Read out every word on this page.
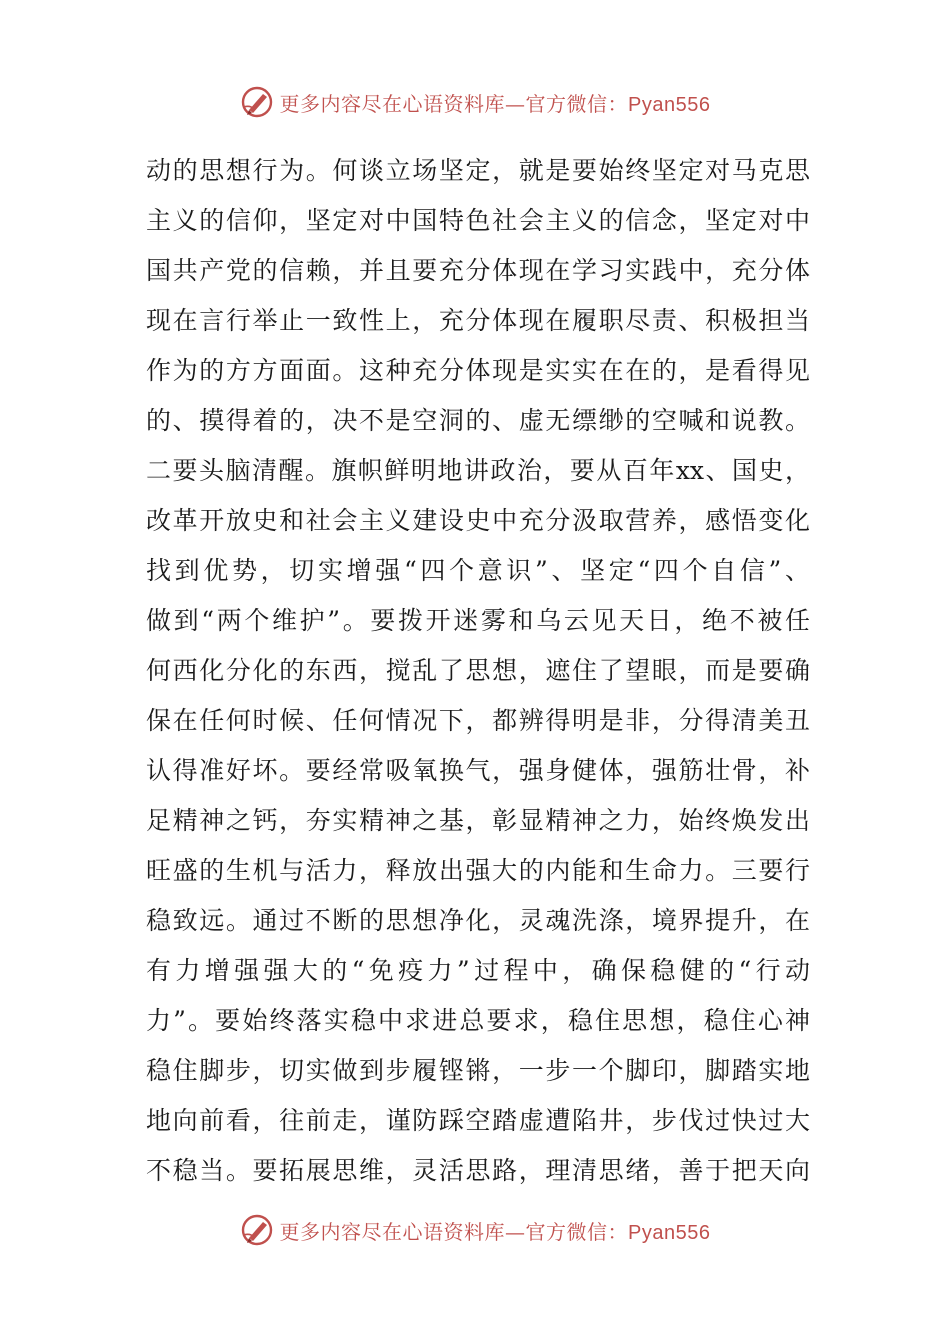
更多内容尽在心语资料库—官方微信：Pyan556
动的思想行为。何谈立场坚定，就是要始终坚定对马克思
主义的信仰，坚定对中国特色社会主义的信念，坚定对中
国共产党的信赖，并且要充分体现在学习实践中，充分体
现在言行举止一致性上，充分体现在履职尽责、积极担当
作为的方方面面。这种充分体现是实实在在的，是看得见
的、摸得着的，决不是空洞的、虚无缥缈的空喊和说教。
二要头脑清醒。旗帜鲜明地讲政治，要从百年xx、国史，
改革开放史和社会主义建设史中充分汲取营养，感悟变化
找到优势，切实增强“四个意识”、坚定“四个自信”、
做到“两个维护”。要拨开迷雾和乌云见天日，绝不被任
何西化分化的东西，搅乱了思想，遮住了望眼，而是要确
保在任何时候、任何情况下，都辨得明是非，分得清美丑
认得准好坏。要经常吸氧换气，强身健体，强筋壮骨，补
足精神之钙，夯实精神之基，彰显精神之力，始终焕发出
旺盛的生机与活力，释放出强大的内能和生命力。三要行
稳致远。通过不断的思想净化，灵魂洗涤，境界提升，在
有力增强强大的“免疫力”过程中，确保稳健的“行动
力”。要始终落实稳中求进总要求，稳住思想，稳住心神
稳住脚步，切实做到步履铿锵，一步一个脚印，脚踏实地
地向前看，往前走，谨防踩空踏虚遭陷井，步伐过快过大
不稳当。要拓展思维，灵活思路，理清思绪，善于把天向
更多内容尽在心语资料库—官方微信：Pyan556
